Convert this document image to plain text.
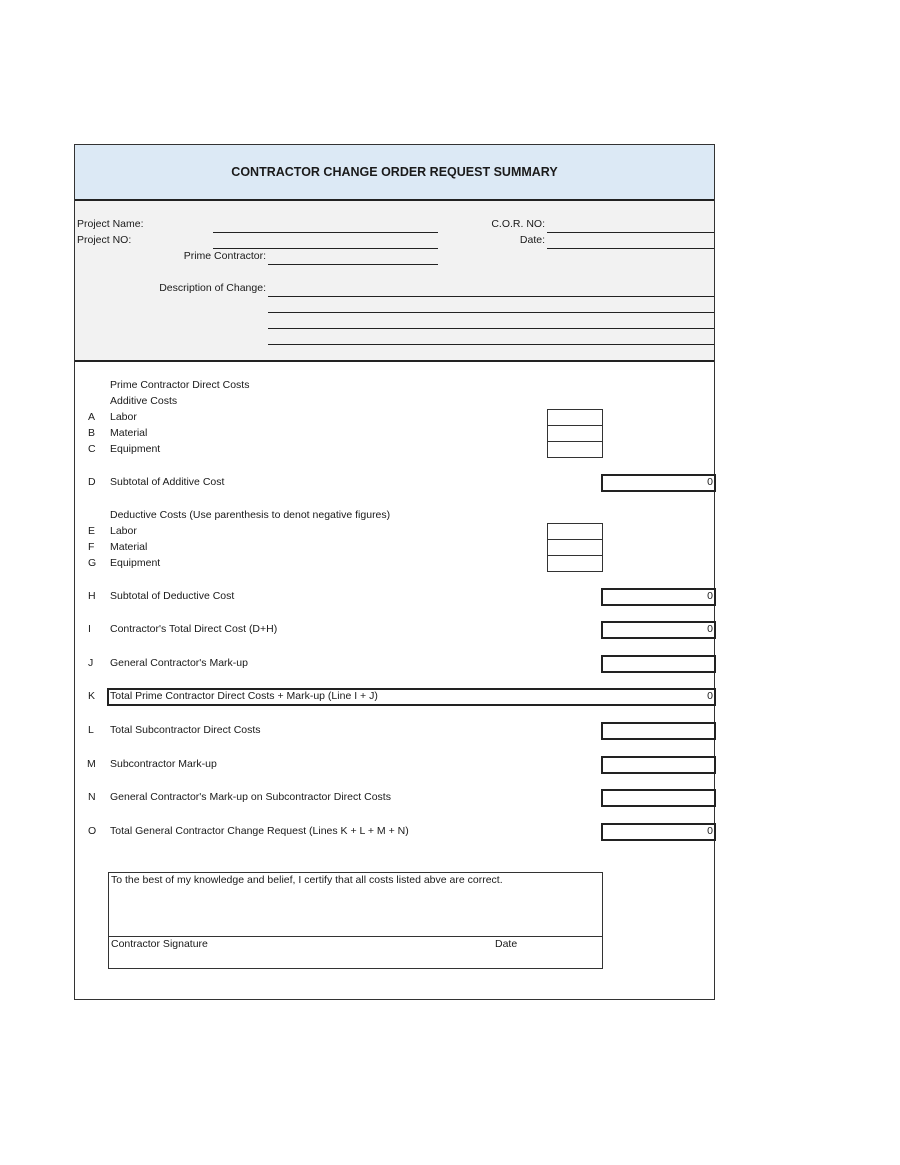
CONTRACTOR CHANGE ORDER REQUEST SUMMARY
Project Name:
Project NO:
Prime Contractor:
Description of Change:
C.O.R. NO:
Date:
Prime Contractor Direct Costs
Additive Costs
A Labor
B Material
C Equipment
D Subtotal of Additive Cost	0
Deductive Costs (Use parenthesis to denot negative figures)
E Labor
F Material
G Equipment
H Subtotal of Deductive Cost	0
I Contractor's Total Direct Cost (D+H)	0
J General Contractor's Mark-up
K Total Prime Contractor Direct Costs + Mark-up (Line I + J)	0
L Total Subcontractor Direct Costs
M Subcontractor Mark-up
N General Contractor's Mark-up on Subcontractor Direct Costs
O Total General Contractor Change Request (Lines K + L + M + N)	0
To the best of my knowledge and belief, I certify that all costs listed abve are correct.
Contractor Signature	Date
